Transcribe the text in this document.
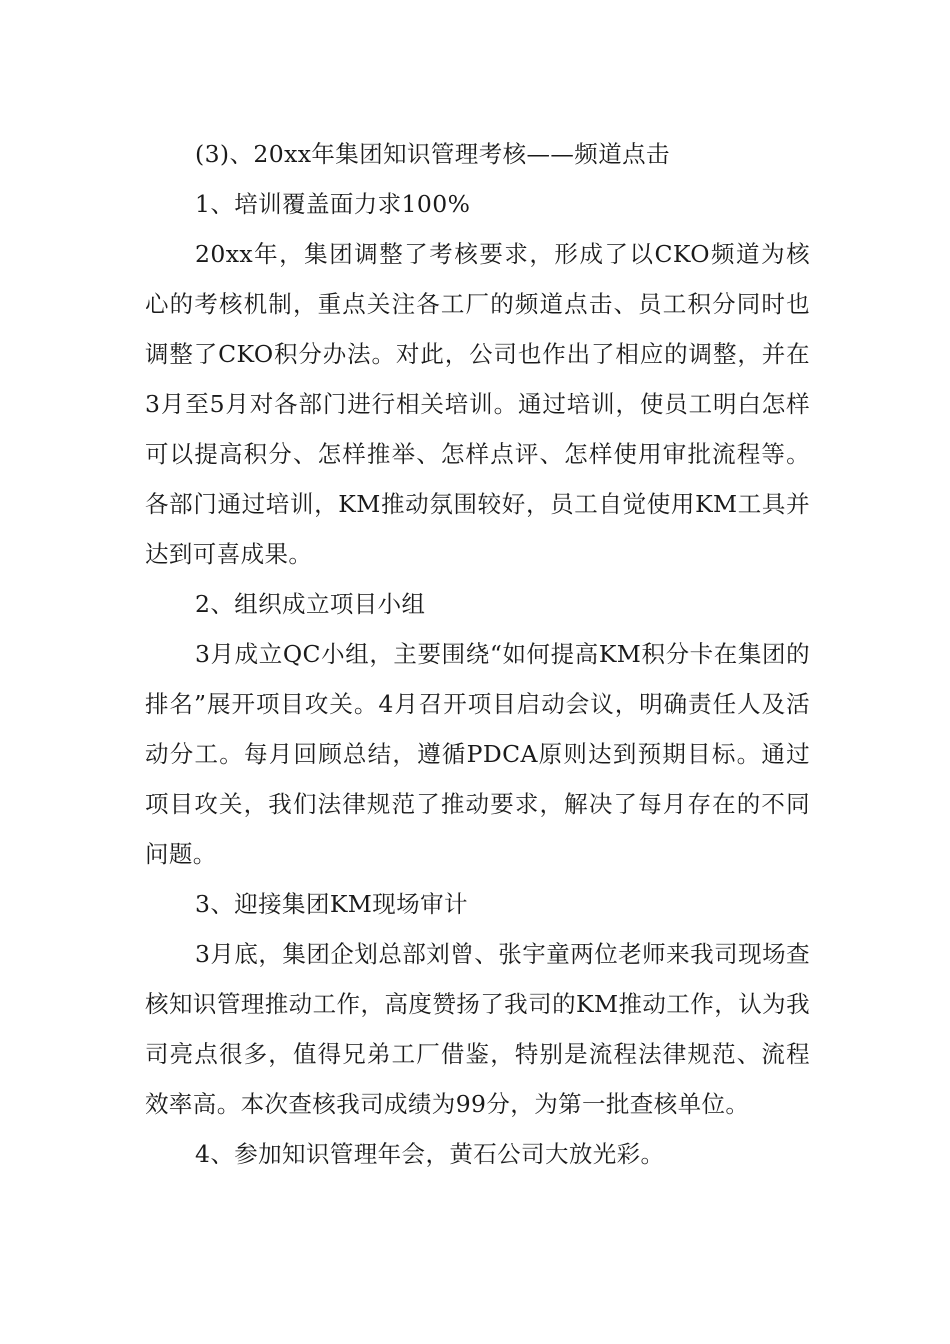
(3)、20xx年集团知识管理考核——频道点击

1、培训覆盖面力求100%

20xx年，集团调整了考核要求，形成了以CKO频道为核心的考核机制，重点关注各工厂的频道点击、员工积分同时也调整了CKO积分办法。对此，公司也作出了相应的调整，并在3月至5月对各部门进行相关培训。通过培训，使员工明白怎样可以提高积分、怎样推举、怎样点评、怎样使用审批流程等。各部门通过培训，KM推动氛围较好，员工自觉使用KM工具并达到可喜成果。

2、组织成立项目小组

3月成立QC小组，主要围绕“如何提高KM积分卡在集团的排名”展开项目攻关。4月召开项目启动会议，明确责任人及活动分工。每月回顾总结，遵循PDCA原则达到预期目标。通过项目攻关，我们法律规范了推动要求，解决了每月存在的不同问题。

3、迎接集团KM现场审计

3月底，集团企划总部刘曾、张宇童两位老师来我司现场查核知识管理推动工作，高度赞扬了我司的KM推动工作，认为我司亮点很多，值得兄弟工厂借鉴，特别是流程法律规范、流程效率高。本次查核我司成绩为99分，为第一批查核单位。

4、参加知识管理年会，黄石公司大放光彩。
